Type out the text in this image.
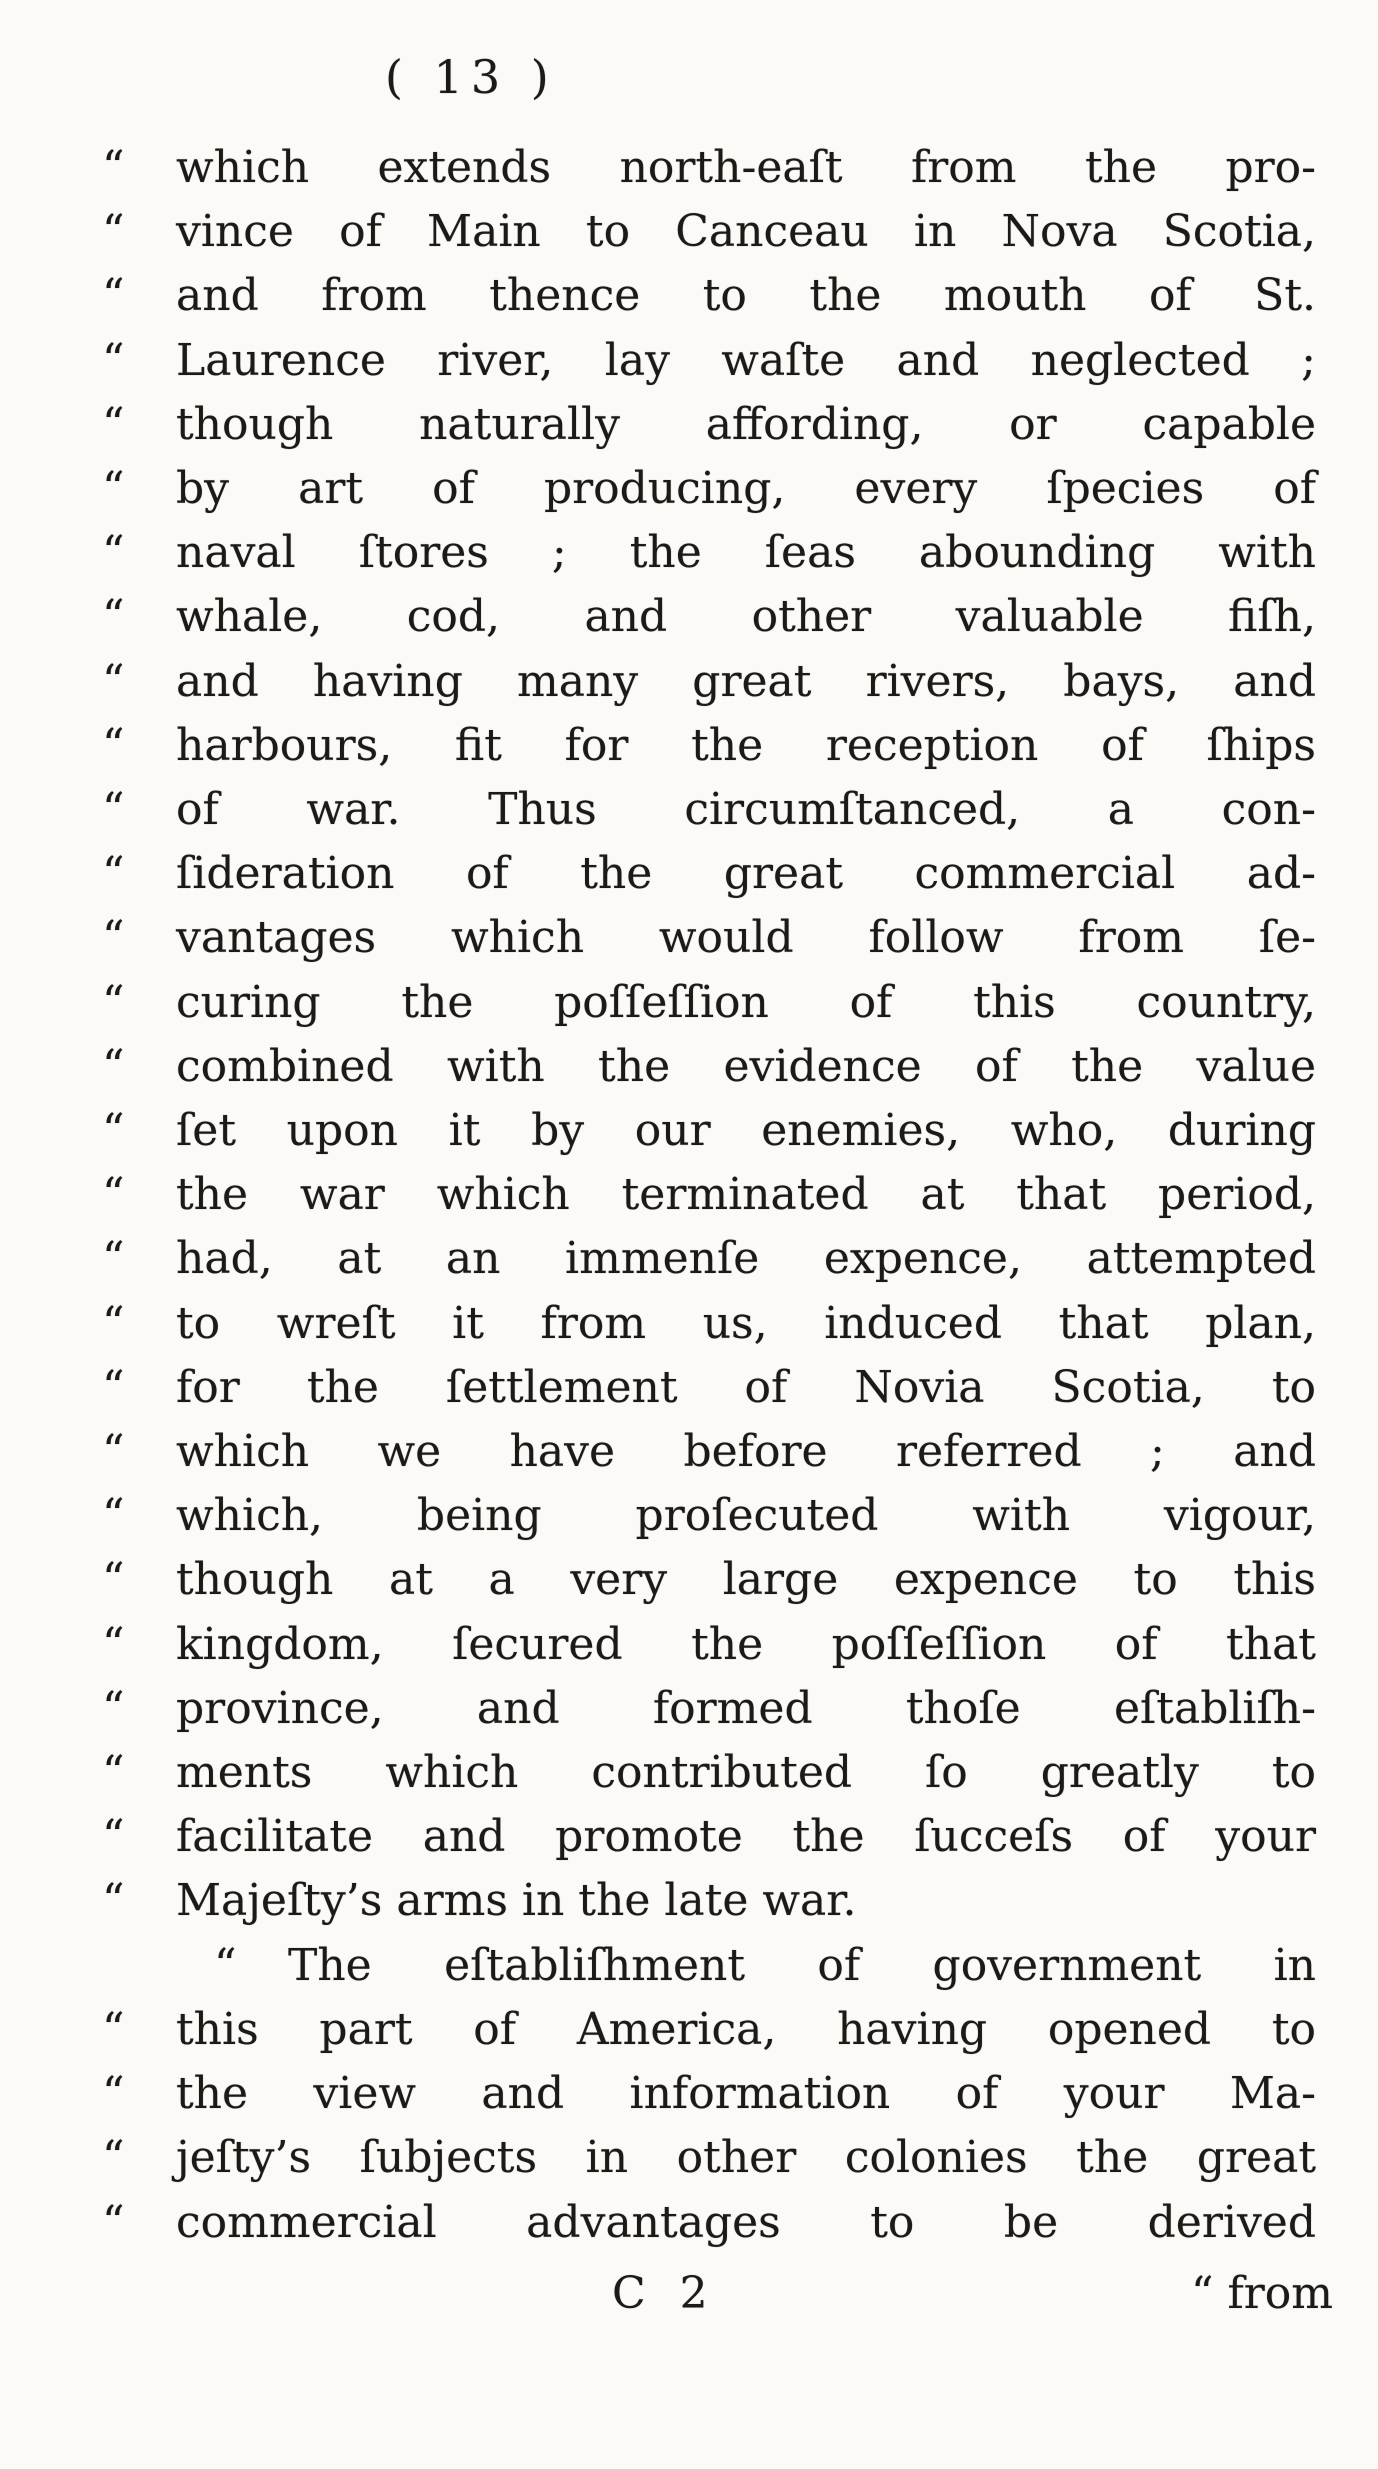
( 13 )
“	which extends north-eaſt from the pro-
“	vince of Main to Canceau in Nova Scotia,
“	and from thence to the mouth of St.
“	Laurence river, lay waſte and neglected ;
“	though naturally affording, or capable
“	by art of producing, every ſpecies of
“	naval ſtores ; the ſeas abounding with
“	whale, cod, and other valuable fiſh,
“	and having many great rivers, bays, and
“	harbours, fit for the reception of ſhips
“	of war. Thus circumſtanced, a con-
“	ſideration of the great commercial ad-
“	vantages which would follow from ſe-
“	curing the poſſeſſion of this country,
“	combined with the evidence of the value
“	ſet upon it by our enemies, who, during
“	the war which terminated at that period,
“	had, at an immenſe expence, attempted
“	to wreſt it from us, induced that plan,
“	for the ſettlement of Novia Scotia, to
“	which we have before referred ; and
“	which, being proſecuted with vigour,
“	though at a very large expence to this
“	kingdom, ſecured the poſſeſſion of that
“	province, and formed thoſe eſtabliſh-
“	ments which contributed ſo greatly to
“	facilitate and promote the ſucceſs of your
“	Majeſty’s arms in the late war.
“	The eſtabliſhment of government in
“	this part of America, having opened to
“	the view and information of your Ma-
“	jeſty’s ſubjects in other colonies the great
“	commercial advantages to be derived
C 2	“ from
